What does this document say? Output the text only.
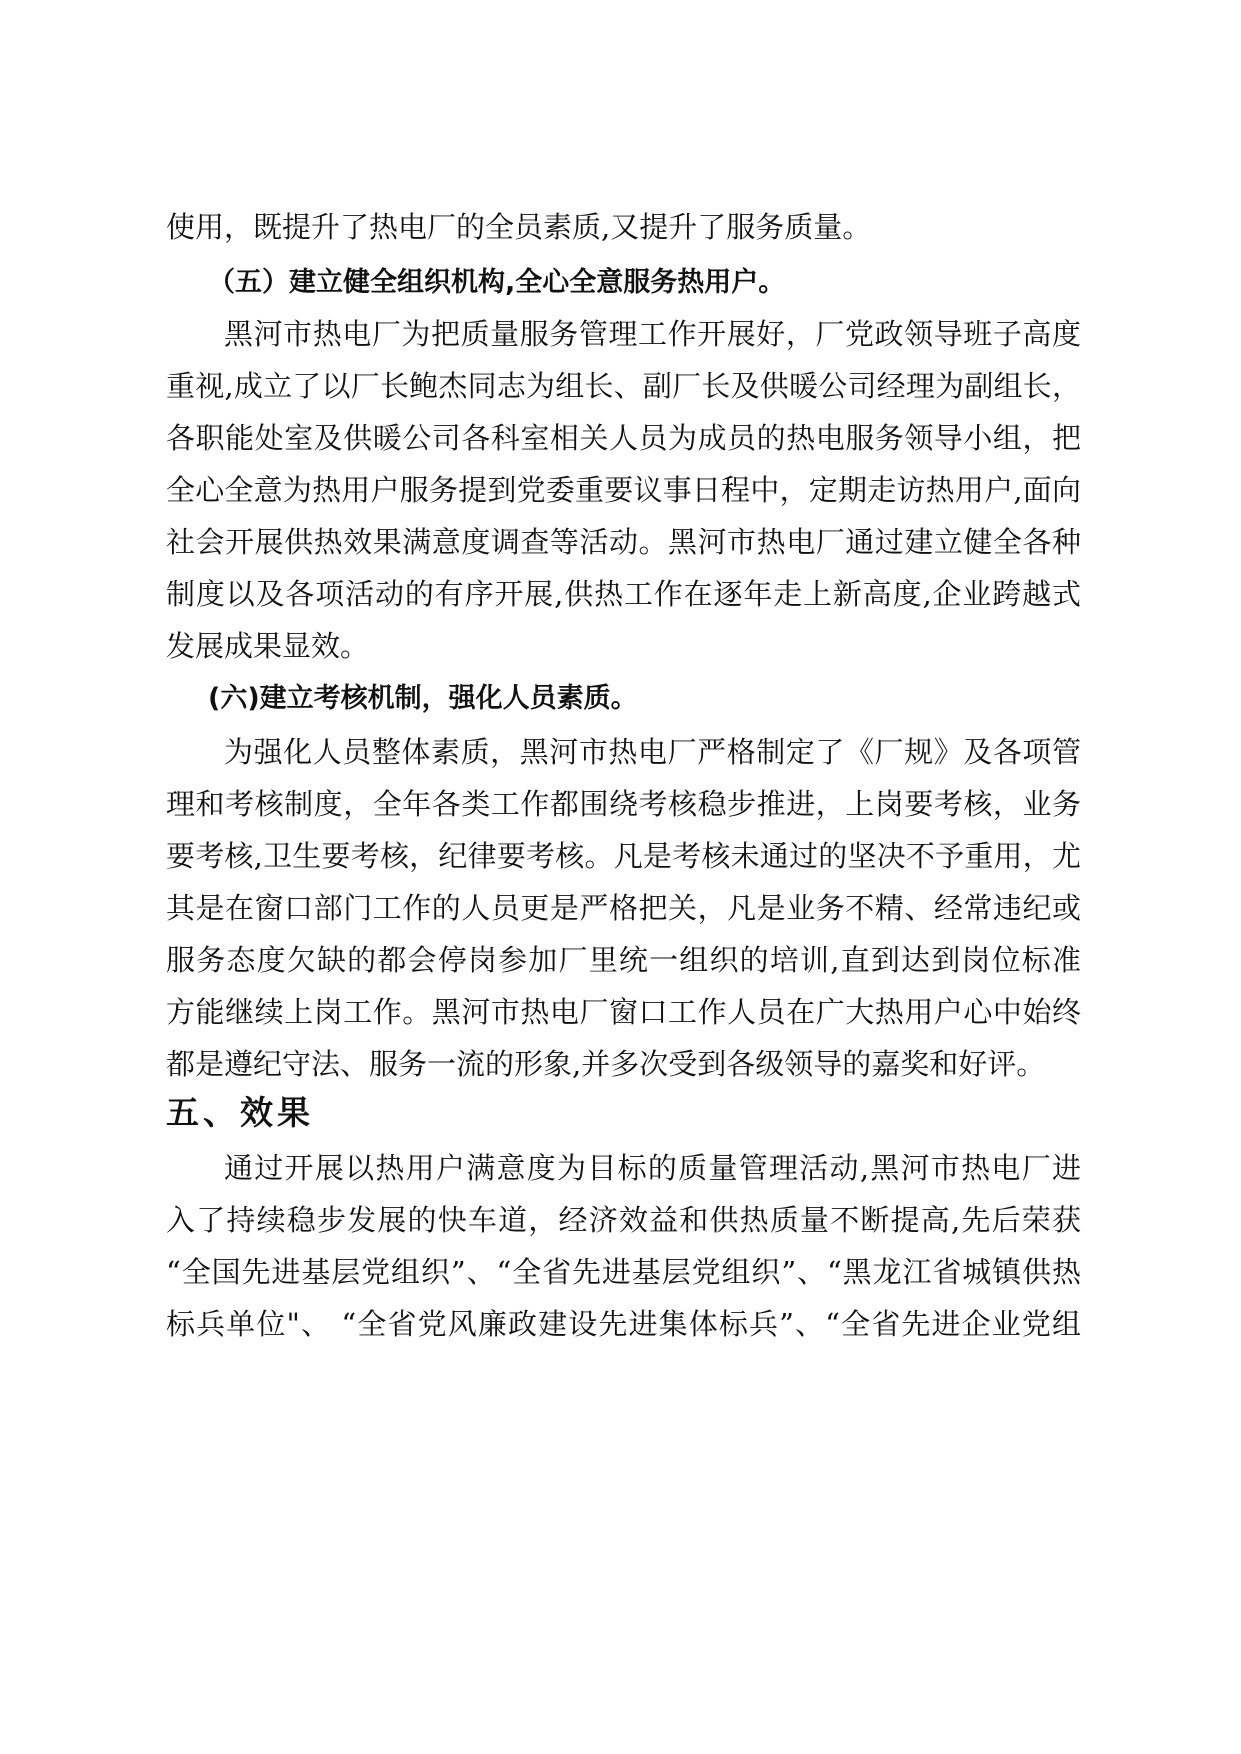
使用，既提升了热电厂的全员素质,又提升了服务质量。
（五）建立健全组织机构,全心全意服务热用户。
黑河市热电厂为把质量服务管理工作开展好，厂党政领导班子高度
重视,成立了以厂长鲍杰同志为组长、副厂长及供暖公司经理为副组长，
各职能处室及供暖公司各科室相关人员为成员的热电服务领导小组，把
全心全意为热用户服务提到党委重要议事日程中，定期走访热用户,面向
社会开展供热效果满意度调查等活动。黑河市热电厂通过建立健全各种
制度以及各项活动的有序开展,供热工作在逐年走上新高度,企业跨越式
发展成果显效。
(六)建立考核机制，强化人员素质。
为强化人员整体素质，黑河市热电厂严格制定了《厂规》及各项管
理和考核制度，全年各类工作都围绕考核稳步推进，上岗要考核，业务
要考核,卫生要考核，纪律要考核。凡是考核未通过的坚决不予重用，尤
其是在窗口部门工作的人员更是严格把关，凡是业务不精、经常违纪或
服务态度欠缺的都会停岗参加厂里统一组织的培训,直到达到岗位标准
方能继续上岗工作。黑河市热电厂窗口工作人员在广大热用户心中始终
都是遵纪守法、服务一流的形象,并多次受到各级领导的嘉奖和好评。
五、效果
通过开展以热用户满意度为目标的质量管理活动,黑河市热电厂进
入了持续稳步发展的快车道，经济效益和供热质量不断提高,先后荣获
“全国先进基层党组织”、“全省先进基层党组织”、“黑龙江省城镇供热
标兵单位"、 “全省党风廉政建设先进集体标兵”、“全省先进企业党组
